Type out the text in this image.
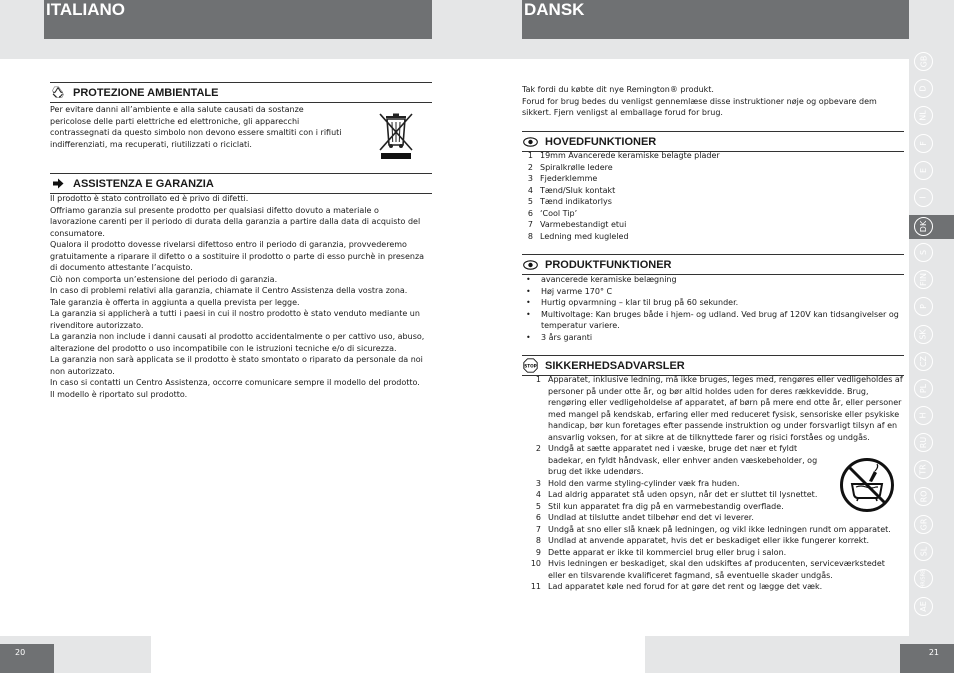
ITALIANO	DANSK
20	21
GB
D
NL
F
E
I
DK
S
FIN
P
SK
CZ
PL
H
RU
TR
RO
GR
SL
HR/SRB
AE
PROTEZIONE AMBIENTALE

Per evitare danni all’ambiente e alla salute causati da sostanze

pericolose delle parti elettriche ed elettroniche, gli apparecchi

contrassegnati da questo simbolo non devono essere smaltiti con i rifiuti

indifferenziati, ma recuperati, riutilizzati o riciclati.

ASSISTENZA E GARANZIA

Il prodotto è stato controllato ed è privo di difetti.

Offriamo garanzia sul presente prodotto per qualsiasi difetto dovuto a materiale o

lavorazione carenti per il periodo di durata della garanzia a partire dalla data di acquisto del

consumatore.

Qualora il prodotto dovesse rivelarsi difettoso entro il periodo di garanzia, provvederemo

gratuitamente a riparare il difetto o a sostituire il prodotto o parte di esso purchè in presenza

di documento attestante l’acquisto.

Ciò non comporta un’estensione del periodo di garanzia.

In caso di problemi relativi alla garanzia, chiamate il Centro Assistenza della vostra zona.

Tale garanzia è offerta in aggiunta a quella prevista per legge.

La garanzia si applicherà a tutti i paesi in cui il nostro prodotto è stato venduto mediante un

rivenditore autorizzato.

La garanzia non include i danni causati al prodotto accidentalmente o per cattivo uso, abuso,

alterazione del prodotto o uso incompatibile con le istruzioni tecniche e/o di sicurezza.

La garanzia non sarà applicata se il prodotto è stato smontato o riparato da personale da noi

non autorizzato.

In caso si contatti un Centro Assistenza, occorre comunicare sempre il modello del prodotto.

Il modello è riportato sul prodotto.

Tak fordi du købte dit nye Remington® produkt.

Forud for brug bedes du venligst gennemlæse disse instruktioner nøje og opbevare dem

sikkert. Fjern venligst al emballage forud for brug.

HOVEDFUNKTIONER
1 19mm Avancerede keramiske belagte plader
2 Spiralkrølle ledere
3 Fjederklemme
4 Tænd/Sluk kontakt
5 Tænd indikatorlys
6 ‘Cool Tip’
7 Varmebestandigt etui
8 Ledning med kugleled
PRODUKTFUNKTIONER
• avancerede keramiske belægning
• Høj varme 170° C
• Hurtig opvarmning – klar til brug på 60 sekunder.
• Multivoltage: Kan bruges både i hjem- og udland. Ved brug af 120V kan tidsangivelser og temperatur variere.
• 3 års garanti
STOP SIKKERHEDSADVARSLER
1 Apparatet, inklusive ledning, må ikke bruges, leges med, rengøres eller vedligeholdes af personer på under otte år, og bør altid holdes uden for deres rækkevidde. Brug, rengøring eller vedligeholdelse af apparatet, af børn på mere end otte år, eller personer med mangel på kendskab, erfaring eller med reduceret fysisk, sensoriske eller psykiske handicap, bør kun foretages efter passende instruktion og under forsvarligt tilsyn af en ansvarlig voksen, for at sikre at de tilknyttede farer og risici forståes og undgås.
2 Undgå at sætte apparatet ned i væske, bruge det nær et fyldt badekar, en fyldt håndvask, eller enhver anden væskebeholder, og brug det ikke udendørs.
3 Hold den varme styling-cylinder væk fra huden.
4 Lad aldrig apparatet stå uden opsyn, når det er sluttet til lysnettet.
5 Stil kun apparatet fra dig på en varmebestandig overflade.
6 Undlad at tilslutte andet tilbehør end det vi leverer.
7 Undgå at sno eller slå knæk på ledningen, og vikl ikke ledningen rundt om apparatet.
8 Undlad at anvende apparatet, hvis det er beskadiget eller ikke fungerer korrekt.
9 Dette apparat er ikke til kommerciel brug eller brug i salon.
10 Hvis ledningen er beskadiget, skal den udskiftes af producenten, serviceværkstedet eller en tilsvarende kvalificeret fagmand, så eventuelle skader undgås.
11 Lad apparatet køle ned forud for at gøre det rent og lægge det væk.
